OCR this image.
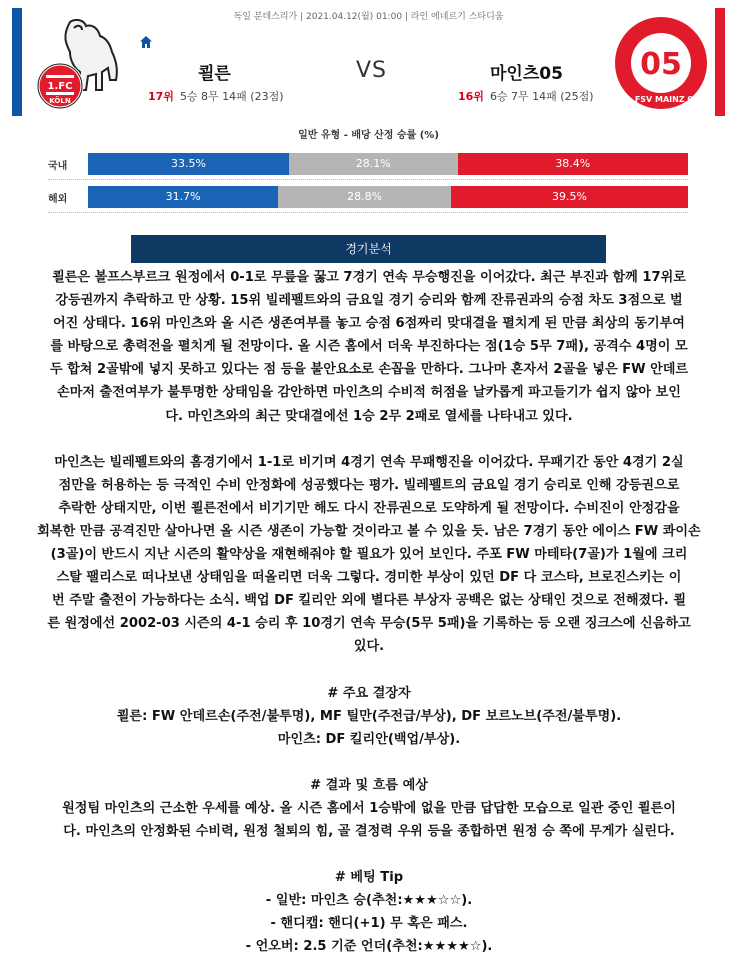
독일 분데스리가 | 2021.04.12(월) 01:00 | 라인 에네르기 스타디움
1.FC
KÖLN
05
1. FSV MAINZ 05
쾰른	VS	마인츠05
17위 5승 8무 14패 (23점)	16위 6승 7무 14패 (25점)
일반 유형 - 배당 산정 승률 (%)
국내	33.5%	28.1%	38.4%
해외	31.7%	28.8%	39.5%
경기분석

쾰른은 볼프스부르크 원정에서 0-1로 무릎을 꿇고 7경기 연속 무승행진을 이어갔다. 최근 부진과 함께 17위로

강등권까지 추락하고 만 상황. 15위 빌레펠트와의 금요일 경기 승리와 함께 잔류권과의 승점 차도 3점으로 벌

어진 상태다. 16위 마인츠와 올 시즌 생존여부를 놓고 승점 6점짜리 맞대결을 펼치게 된 만큼 최상의 동기부여

를 바탕으로 총력전을 펼치게 될 전망이다. 올 시즌 홈에서 더욱 부진하다는 점(1승 5무 7패), 공격수 4명이 모

두 합쳐 2골밖에 넣지 못하고 있다는 점 등을 불안요소로 손꼽을 만하다. 그나마 혼자서 2골을 넣은 FW 안데르

손마저 출전여부가 불투명한 상태임을 감안하면 마인츠의 수비적 허점을 날카롭게 파고들기가 쉽지 않아 보인

다. 마인츠와의 최근 맞대결에선 1승 2무 2패로 열세를 나타내고 있다.

마인츠는 빌레펠트와의 홈경기에서 1-1로 비기며 4경기 연속 무패행진을 이어갔다. 무패기간 동안 4경기 2실

점만을 허용하는 등 극적인 수비 안정화에 성공했다는 평가. 빌레펠트의 금요일 경기 승리로 인해 강등권으로

추락한 상태지만, 이번 쾰른전에서 비기기만 해도 다시 잔류권으로 도약하게 될 전망이다. 수비진이 안정감을

회복한 만큼 공격진만 살아나면 올 시즌 생존이 가능할 것이라고 볼 수 있을 듯. 남은 7경기 동안 에이스 FW 콰이손

(3골)이 반드시 지난 시즌의 활약상을 재현해줘야 할 필요가 있어 보인다. 주포 FW 마테타(7골)가 1월에 크리

스탈 팰리스로 떠나보낸 상태임을 떠올리면 더욱 그렇다. 경미한 부상이 있던 DF 다 코스타, 브로진스키는 이

번 주말 출전이 가능하다는 소식. 백업 DF 킬리안 외에 별다른 부상자 공백은 없는 상태인 것으로 전해졌다. 쾰

른 원정에선 2002-03 시즌의 4-1 승리 후 10경기 연속 무승(5무 5패)을 기록하는 등 오랜 징크스에 신음하고

있다.

# 주요 결장자

쾰른: FW 안데르손(주전/불투명), MF 틸만(주전급/부상), DF 보르노브(주전/불투명).

마인츠: DF 킬리안(백업/부상).

# 결과 및 흐름 예상

원정팀 마인츠의 근소한 우세를 예상. 올 시즌 홈에서 1승밖에 없을 만큼 답답한 모습으로 일관 중인 쾰른이

다. 마인츠의 안정화된 수비력, 원정 철퇴의 힘, 골 결정력 우위 등을 종합하면 원정 승 쪽에 무게가 실린다.

# 베팅 Tip

- 일반: 마인츠 승(추천:★★★☆☆).

- 핸디캡: 핸디(+1) 무 혹은 패스.

- 언오버: 2.5 기준 언더(추천:★★★★☆).
